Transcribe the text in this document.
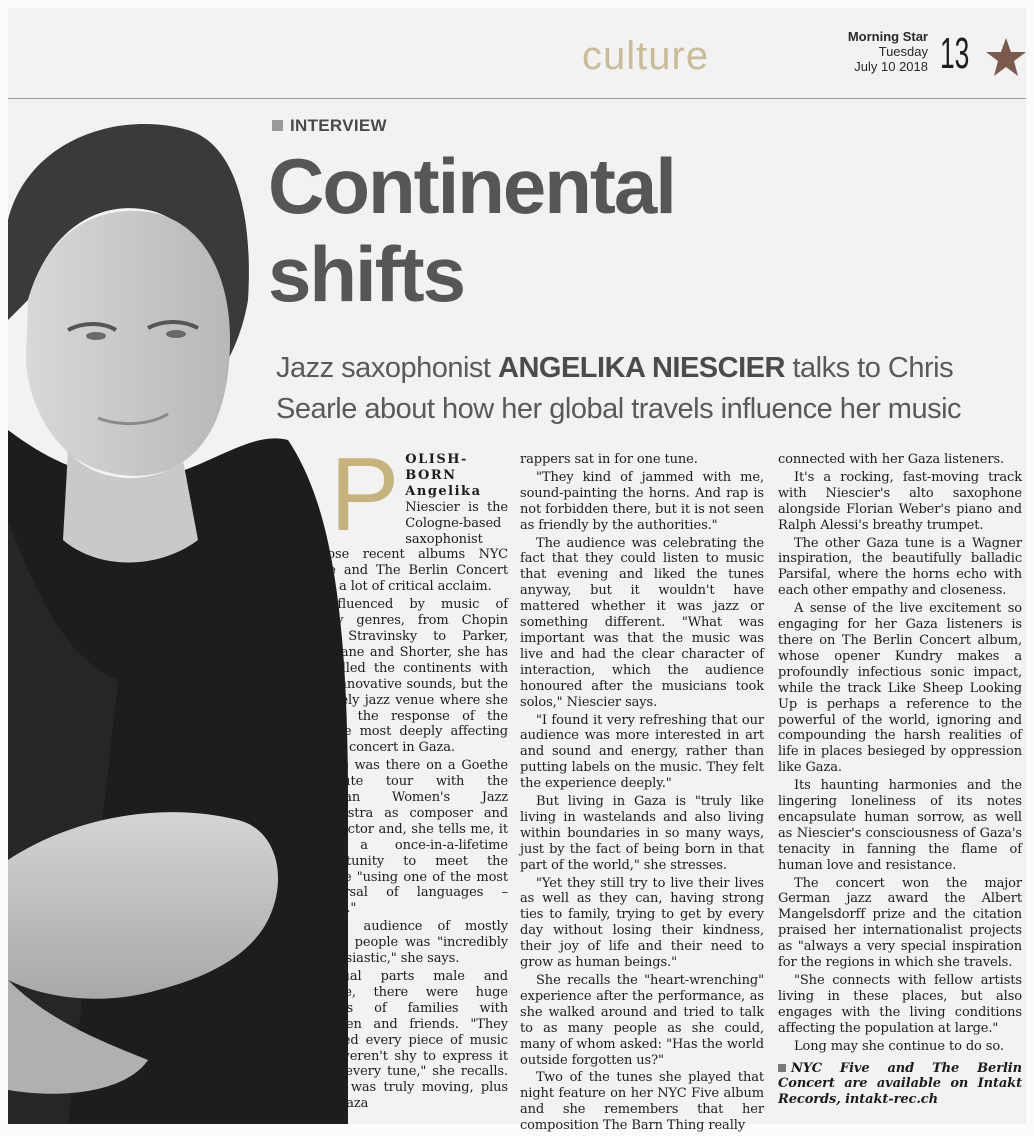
culture	Morning Star
Tuesday
July 10 2018 13
INTERVIEW
Continental
shifts

Jazz saxophonist ANGELIKA NIESCIER talks to Chris Searle about how her global travels influence her music

POLISH-BORN Angelika Niescier is the Cologne-based saxophonist whose recent albums NYC Five and The Berlin Concert won a lot of critical acclaim.

Influenced by music of many genres, from Chopin and Stravinsky to Parker, Coltrane and Shorter, she has travelled the continents with her innovative sounds, but the unlikely jazz venue where she found the response of the people most deeply affecting was a concert in Gaza.

She was there on a Goethe Institute tour with the German Women's Jazz Orchestra as composer and conductor and, she tells me, it was a once-in-a-lifetime opportunity to meet the people "using one of the most universal of languages – music."

The audience of mostly young people was "incredibly enthusiastic," she says.

Equal parts male and female, there were huge groups of families with children and friends. "They enjoyed every piece of music and weren't shy to express it after every tune," she recalls. "That was truly moving, plus two Gaza

rappers sat in for one tune.

"They kind of jammed with me, sound-painting the horns. And rap is not forbidden there, but it is not seen as friendly by the authorities."

The audience was celebrating the fact that they could listen to music that evening and liked the tunes anyway, but it wouldn't have mattered whether it was jazz or something different. "What was important was that the music was live and had the clear character of interaction, which the audience honoured after the musicians took solos," Niescier says.

"I found it very refreshing that our audience was more interested in art and sound and energy, rather than putting labels on the music. They felt the experience deeply."

But living in Gaza is "truly like living in wastelands and also living within boundaries in so many ways, just by the fact of being born in that part of the world," she stresses.

"Yet they still try to live their lives as well as they can, having strong ties to family, trying to get by every day without losing their kindness, their joy of life and their need to grow as human beings."

She recalls the "heart-wrenching" experience after the performance, as she walked around and tried to talk to as many people as she could, many of whom asked: "Has the world outside forgotten us?"

Two of the tunes she played that night feature on her NYC Five album and she remembers that her composition The Barn Thing really

connected with her Gaza listeners.

It's a rocking, fast-moving track with Niescier's alto saxophone alongside Florian Weber's piano and Ralph Alessi's breathy trumpet.

The other Gaza tune is a Wagner inspiration, the beautifully balladic Parsifal, where the horns echo with each other empathy and closeness.

A sense of the live excitement so engaging for her Gaza listeners is there on The Berlin Concert album, whose opener Kundry makes a profoundly infectious sonic impact, while the track Like Sheep Looking Up is perhaps a reference to the powerful of the world, ignoring and compounding the harsh realities of life in places besieged by oppression like Gaza.

Its haunting harmonies and the lingering loneliness of its notes encapsulate human sorrow, as well as Niescier's consciousness of Gaza's tenacity in fanning the flame of human love and resistance.

The concert won the major German jazz award the Albert Mangelsdorff prize and the citation praised her internationalist projects as "always a very special inspiration for the regions in which she travels.

"She connects with fellow artists living in these places, but also engages with the living conditions affecting the population at large."

Long may she continue to do so.

NYC Five and The Berlin Concert are available on Intakt Records, intakt-rec.ch
